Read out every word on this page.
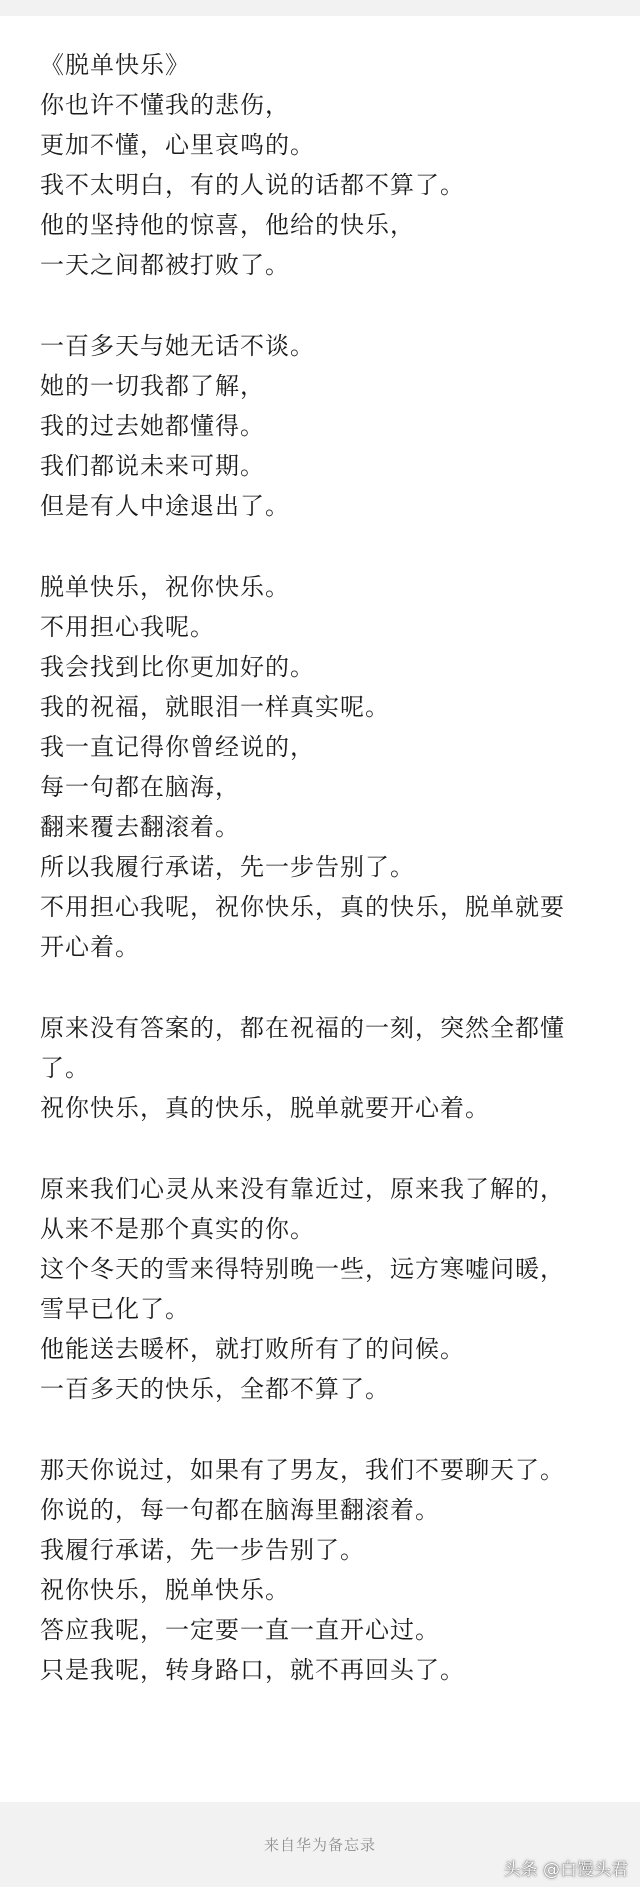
《脱单快乐》
你也许不懂我的悲伤，
更加不懂，心里哀鸣的。
我不太明白，有的人说的话都不算了。
他的坚持他的惊喜，他给的快乐，
一天之间都被打败了。
一百多天与她无话不谈。
她的一切我都了解，
我的过去她都懂得。
我们都说未来可期。
但是有人中途退出了。
脱单快乐，祝你快乐。
不用担心我呢。
我会找到比你更加好的。
我的祝福，就眼泪一样真实呢。
我一直记得你曾经说的，
每一句都在脑海，
翻来覆去翻滚着。
所以我履行承诺，先一步告别了。
不用担心我呢，祝你快乐，真的快乐，脱单就要
开心着。
原来没有答案的，都在祝福的一刻，突然全都懂
了。
祝你快乐，真的快乐，脱单就要开心着。
原来我们心灵从来没有靠近过，原来我了解的，
从来不是那个真实的你。
这个冬天的雪来得特别晚一些，远方寒嘘问暖，
雪早已化了。
他能送去暖杯，就打败所有了的问候。
一百多天的快乐，全都不算了。
那天你说过，如果有了男友，我们不要聊天了。
你说的，每一句都在脑海里翻滚着。
我履行承诺，先一步告别了。
祝你快乐，脱单快乐。
答应我呢，一定要一直一直开心过。
只是我呢，转身路口，就不再回头了。
来自华为备忘录
头条 @白馒头君
